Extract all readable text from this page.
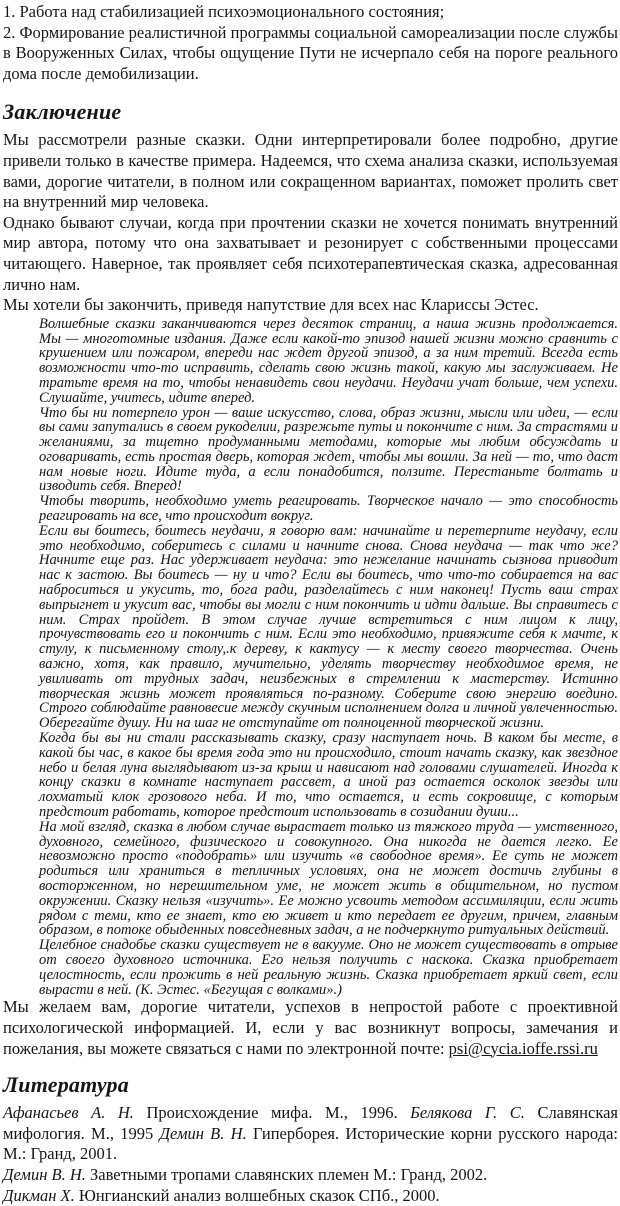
1. Работа над стабилизацией психоэмоционального состояния;

2. Формирование реалистичной программы социальной самореализации после службы в Вооруженных Силах, чтобы ощущение Пути не исчерпало себя на пороге реального дома после демобилизации.

Заключение

Мы рассмотрели разные сказки. Одни интерпретировали более подробно, другие привели только в качестве примера. Надеемся, что схема анализа сказки, используемая вами, дорогие читатели, в полном или сокращенном вариантах, поможет пролить свет на внутренний мир человека.

Однако бывают случаи, когда при прочтении сказки не хочется понимать внутренний мир автора, потому что она захватывает и резонирует с собственными процессами читающего. Наверное, так проявляет себя психотерапевтическая сказка, адресованная лично нам.

Мы хотели бы закончить, приведя напутствие для всех нас Клариссы Эстес.

Волшебные сказки заканчиваются через десяток страниц, а наша жизнь продолжается. Мы — многотомные издания. Даже если какой-то эпизод нашей жизни можно сравнить с крушением или пожаром, впереди нас ждет другой эпизод, а за ним третий. Всегда есть возможности что-то исправить, сделать свою жизнь такой, какую мы заслуживаем. Не тратьте время на то, чтобы ненавидеть свои неудачи. Неудачи учат больше, чем успехи. Слушайте, учитесь, идите вперед.

Что бы ни потерпело урон — ваше искусство, слова, образ жизни, мысли или идеи, — если вы сами запутались в своем рукоделии, разрежьте путы и покончите с ним. За страстями и желаниями, за тщетно продуманными методами, которые мы любим обсуждать и оговаривать, есть простая дверь, которая ждет, чтобы мы вошли. За ней — то, что даст нам новые ноги. Идите туда, а если понадобится, ползите. Перестаньте болтать и изводить себя. Вперед!

Чтобы творить, необходимо уметь реагировать. Творческое начало — это способность реагировать на все, что происходит вокруг.

Если вы боитесь, боитесь неудачи, я говорю вам: начинайте и перетерпите неудачу, если это необходимо, соберитесь с силами и начните снова. Снова неудача — так что же? Начните еще раз. Нас удерживает неудача: это нежелание начинать сызнова приводит нас к застою. Вы боитесь — ну и что? Если вы боитесь, что что-то собирается на вас наброситься и укусить, то, бога ради, разделайтесь с ним наконец! Пусть ваш страх выпрыгнет и укусит вас, чтобы вы могли с ним покончить и идти дальше. Вы справитесь с ним. Страх пройдет. В этом случае лучше встретиться с ним лицом к лицу, прочувствовать его и покончить с ним. Если это необходимо, привяжите себя к мачте, к стулу, к письменному столу,.к дереву, к кактусу — к месту своего творчества. Очень важно, хотя, как правило, мучительно, уделять творчеству необходимое время, не увиливать от трудных задач, неизбежных в стремлении к мастерству. Истинно творческая жизнь может проявляться по-разному. Соберите свою энергию воедино. Строго соблюдайте равновесие между скучным исполнением долга и личной увлеченностью. Оберегайте душу. Ни на шаг не отступайте от полноценной творческой жизни.

Когда бы вы ни стали рассказывать сказку, сразу наступает ночь. В каком бы месте, в какой бы час, в какое бы время года это ни происходило, стоит начать сказку, как звездное небо и белая луна выглядывают из-за крыш и нависают над головами слушателей. Иногда к концу сказки в комнате наступает рассвет, а иной раз остается осколок звезды или лохматый клок грозового неба. И то, что остается, и есть сокровище, с которым предстоит работать, которое предстоит использовать в созидании души...

На мой взгляд, сказка в любом случае вырастает только из тяжкого труда — умственного, духовного, семейного, физического и совокупного. Она никогда не дается легко. Ее невозможно просто «подобрать» или изучить «в свободное время». Ее суть не может родиться или храниться в тепличных условиях, она не может достичь глубины в восторженном, но нерешительном уме, не может жить в общительном, но пустом окружении. Сказку нельзя «изучить». Ее можно усвоить методом ассимиляции, если жить рядом с теми, кто ее знает, кто ею живет и кто передает ее другим, причем, главным образом, в потоке обыденных повседневных задач, а не подчеркнуто ритуальных действий.

Целебное снадобье сказки существует не в вакууме. Оно не может существовать в отрыве от своего духовного источника. Его нельзя получить с наскока. Сказка приобретает целостность, если прожить в ней реальную жизнь. Сказка приобретает яркий свет, если вырасти в ней. (К. Эстес. «Бегущая с волками».)

Мы желаем вам, дорогие читатели, успехов в непростой работе с проективной психологической информацией. И, если у вас возникнут вопросы, замечания и пожелания, вы можете связаться с нами по электронной почте: psi@cycia.ioffe.rssi.ru

Литература

Афанасьев А. Н. Происхождение мифа. М., 1996. Белякова Г. С. Славянская мифология. М., 1995 Демин В. Н. Гиперборея. Исторические корни русского народа: М.: Гранд, 2001.

Демин В. Н. Заветными тропами славянских племен М.: Гранд, 2002.

Дикман Х. Юнгианский анализ волшебных сказок СПб., 2000.
